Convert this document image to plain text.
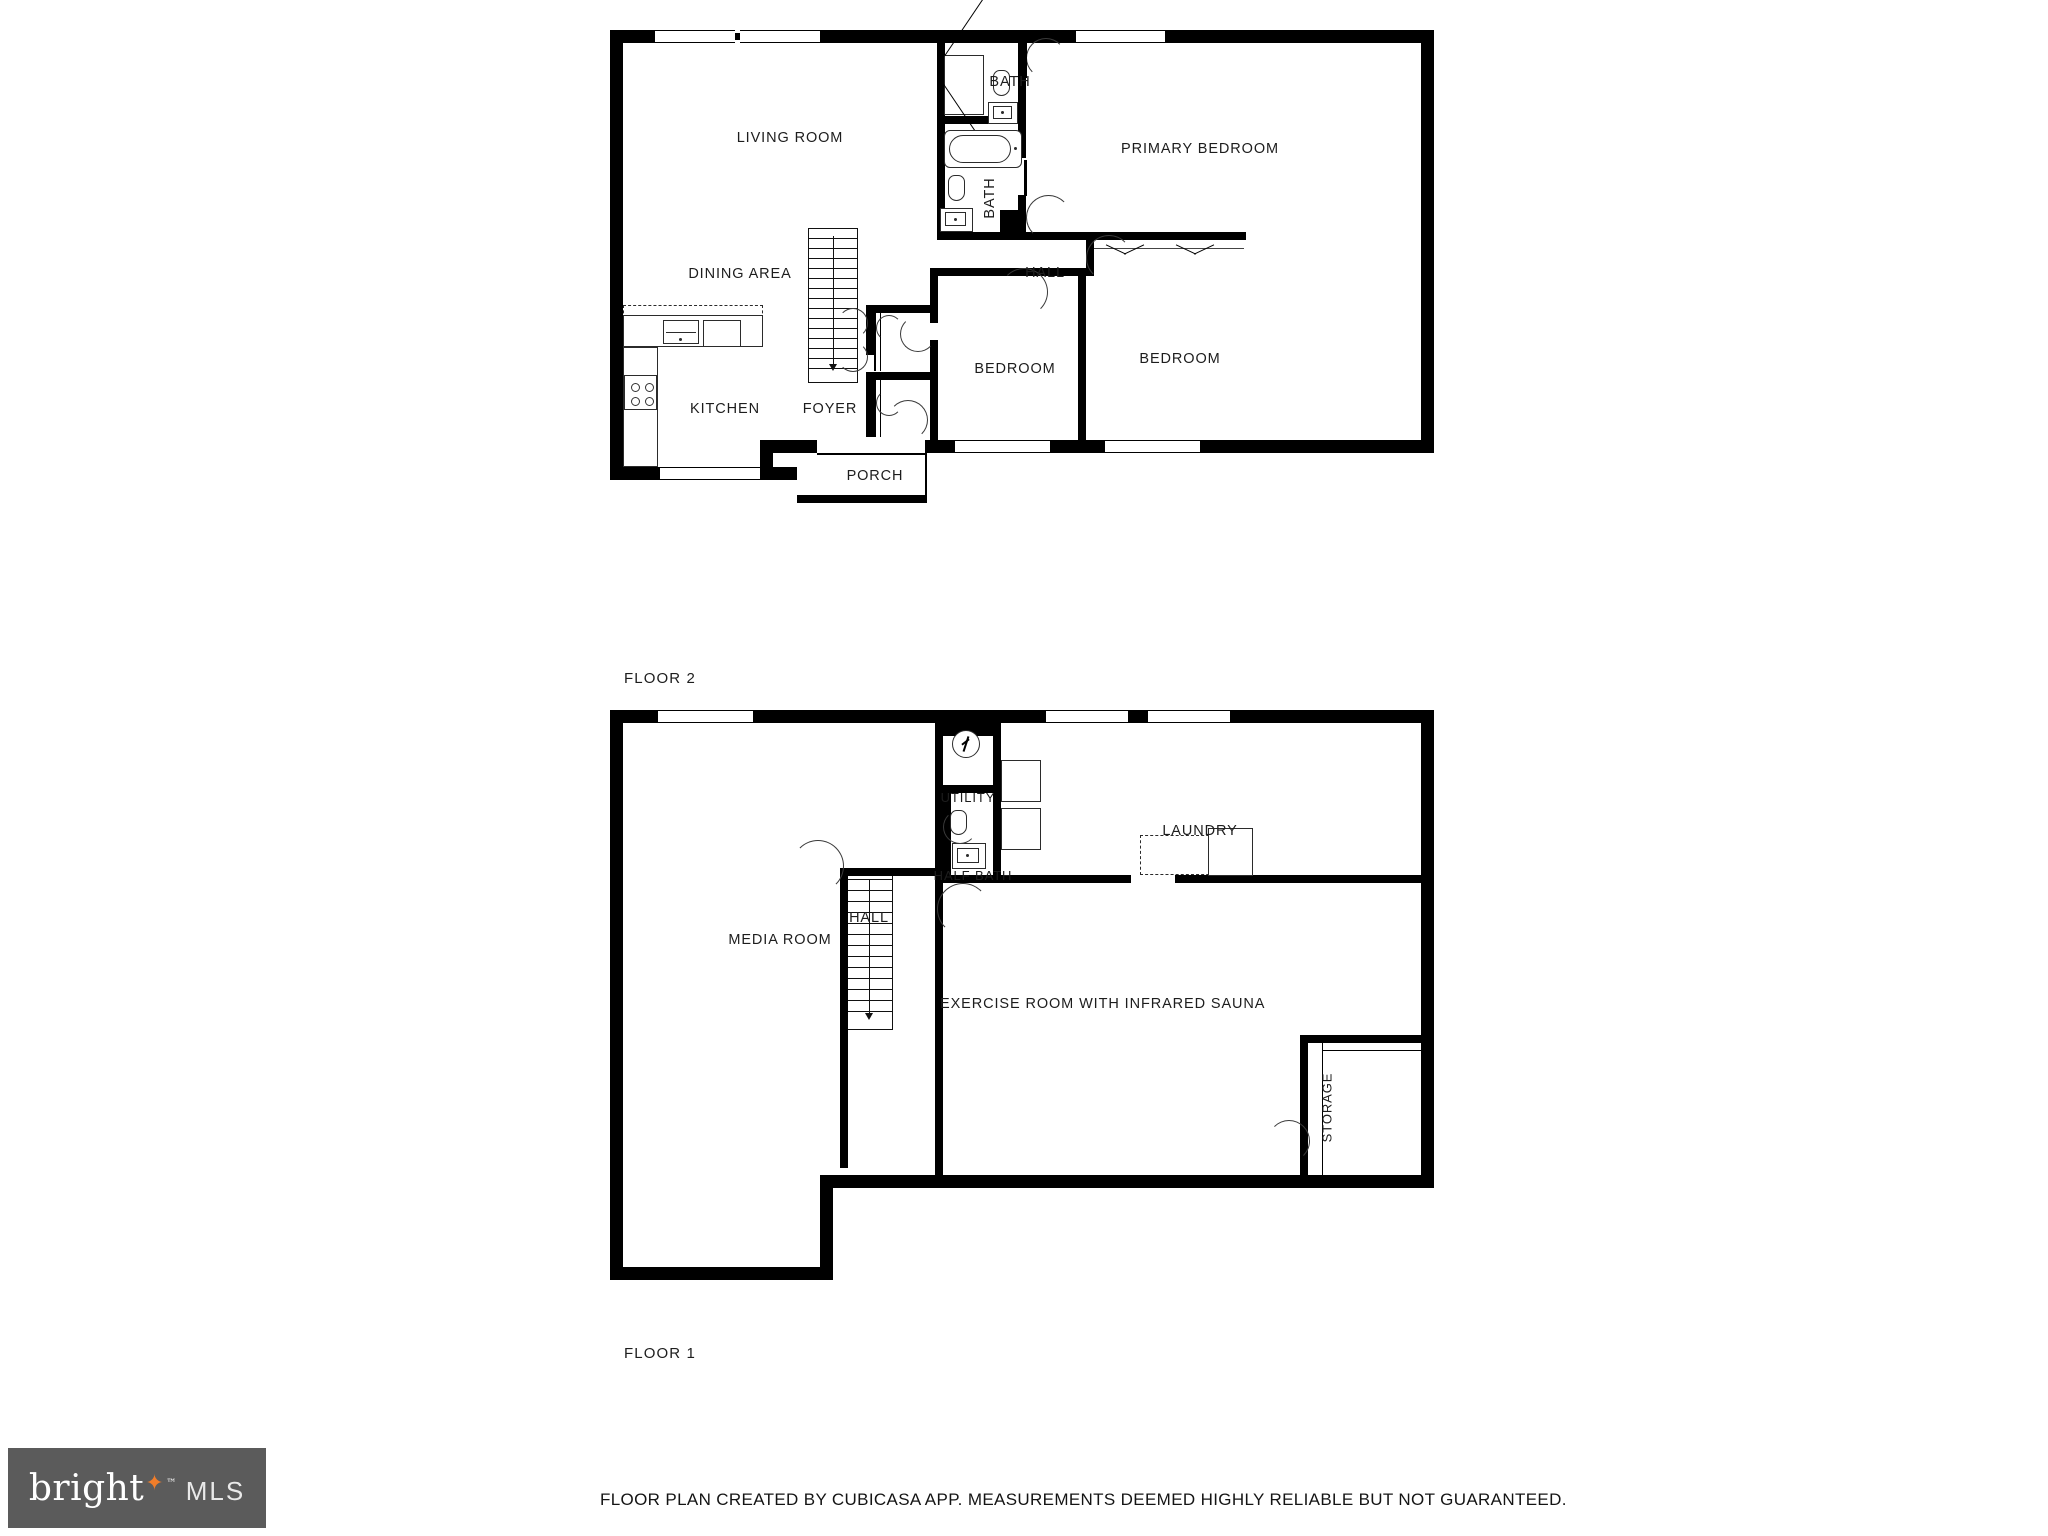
LIVING ROOM
BATH
PRIMARY BEDROOM
BATH
HALL
DINING AREA
BEDROOM
BEDROOM
KITCHEN	FOYER
PORCH
FLOOR 2
UTILITY
LAUNDRY
HALF BATH
MEDIA ROOM
HALL
EXERCISE ROOM WITH INFRARED SAUNA
STORAGE
FLOOR 1
FLOOR PLAN CREATED BY CUBICASA APP. MEASUREMENTS DEEMED HIGHLY RELIABLE BUT NOT GUARANTEED.
bright ✦ ™ MLS
